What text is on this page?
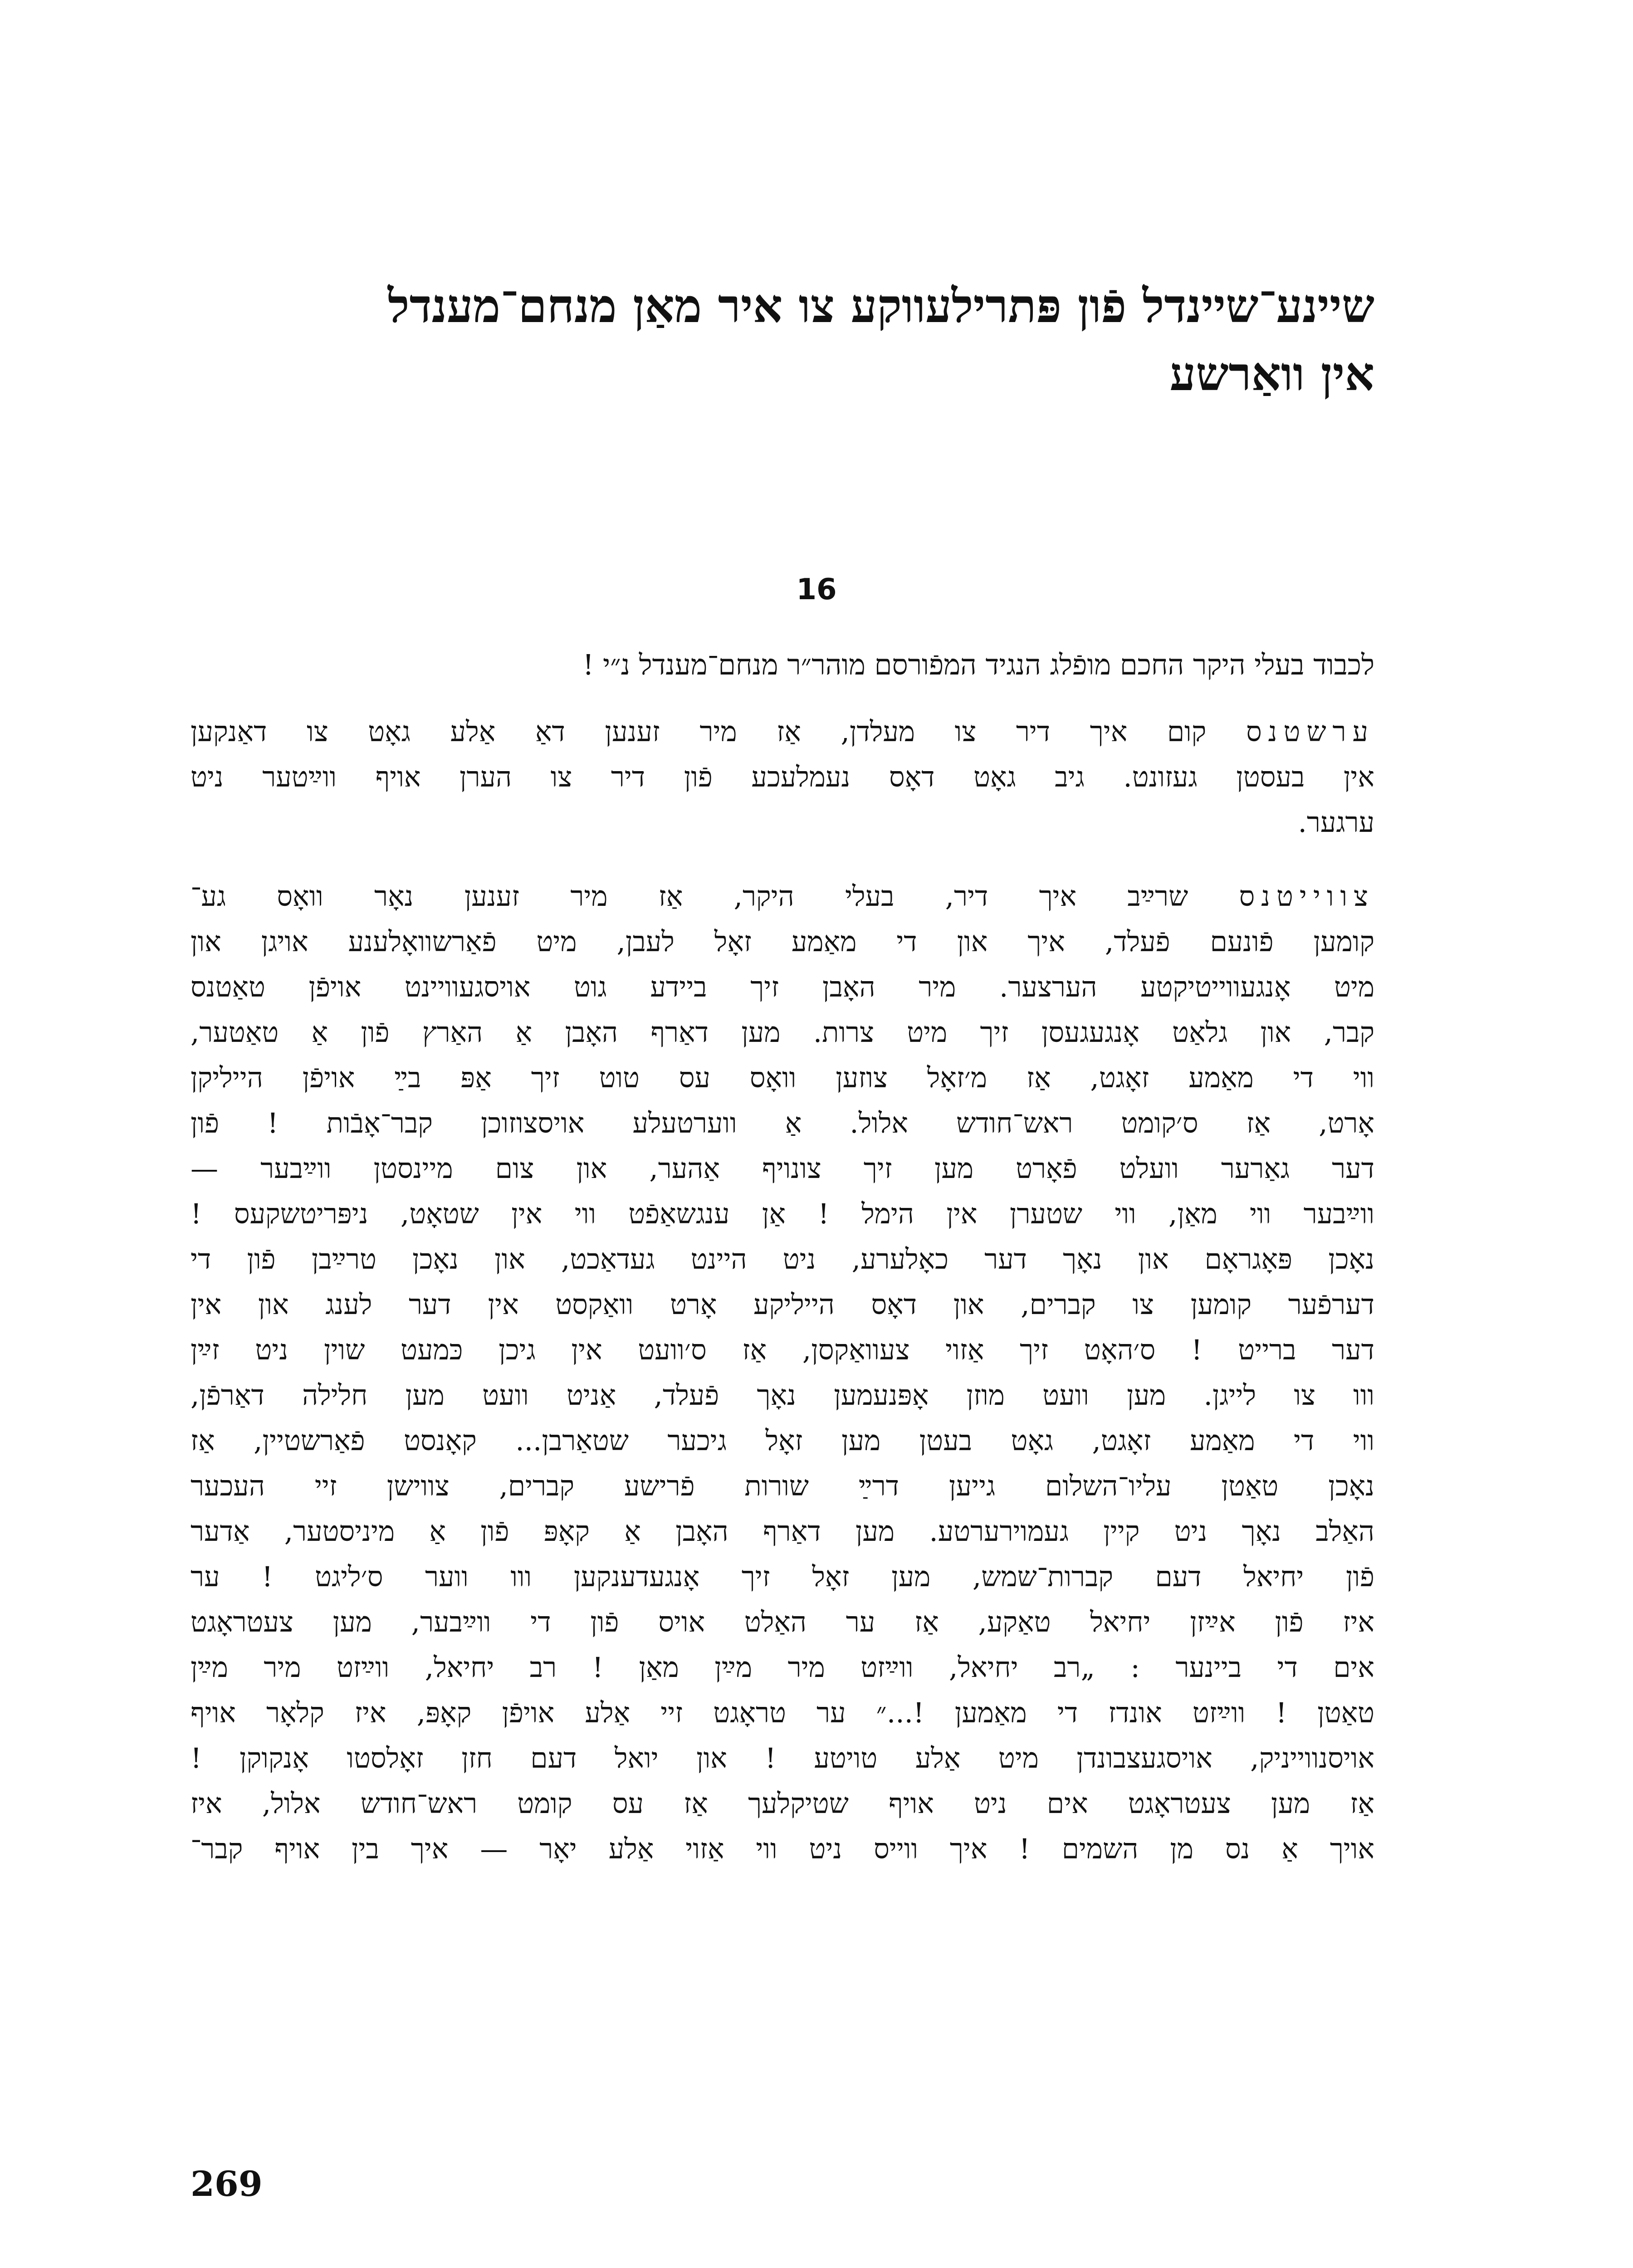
שיינע־שיינדל פֿון פּתרילעווקע צו איר מאַן מנחם־מענדל
אין וואַרשע
16
לכבוד בעלי היקר החכם מופֿלג הנגיד המפֿורסם מוהר״ר מנחם־מענדל נ״י !
ערשטנס קום איך דיר צו מעלדן, אַז מיר זענען דאַ אַלע גאָט צו דאַנקען
אין בעסטן געזונט. גיב גאָט דאָס נעמלעכע פֿון דיר צו הערן אויף ווײַטער ניט
ערגער.
צווייטנס שרײַב איך דיר, בעלי היקר, אַז מיר זענען נאָר וואָס גע־
קומען פֿונעם פֿעלד, איך און די מאַמע זאָל לעבן, מיט פֿאַרשוואָלענע אויגן און
מיט אָנגעווייטיקטע הערצער. מיר האָבן זיך ביידע גוט אויסגעוויינט אויפֿן טאַטנס
קבר, און גלאַט אָנגעגעסן זיך מיט צרות. מען דאַרף האָבן אַ האַרץ פֿון אַ טאַטער,
ווי די מאַמע זאָגט, אַז מ׳זאָל צוזען וואָס עס טוט זיך אַפּ בײַ אויפֿן הייליקן
אָרט, אַז ס׳קומט ראש־חודש אלול. אַ ווערטעלע אויסצוזוכן קבר־אָבֿות ! פֿון
דער גאַרער וועלט פֿאָרט מען זיך צונויף אַהער, און צום מיינסטן ווײַבער —
ווײַבער ווי מאַן, ווי שטערן אין הימל ! אַן ענגשאַפֿט ווי אין שטאָט, ניפּריטשקעס !
נאָכן פּאָגראָם און נאָך דער כאָלערע, ניט היינט געדאַכט, און נאָכן טרײַבן פֿון די
דערפֿער קומען צו קברים, און דאָס הייליקע אָרט וואַקסט אין דער לענג און אין
דער ברייט ! ס׳האָט זיך אַזוי צעוואַקסן, אַז ס׳וועט אין גיכן כּמעט שוין ניט זײַן
ווו צו לייגן. מען וועט מוזן אָפּנעמען נאָך פֿעלד, אַניט וועט מען חלילה דאַרפֿן,
ווי די מאַמע זאָגט, גאָט בעטן מען זאָל גיכער שטאַרבן... קאָנסט פֿאַרשטיין, אַז
נאָכן טאַטן עליו־השלום גייען דרײַ שורות פֿרישע קברים, צווישן זיי העכער
האַלב נאָך ניט קיין געמוירערטע. מען דאַרף האָבן אַ קאָפּ פֿון אַ מיניסטער, אַדער
פֿון יחיאל דעם קברות־שמש, מען זאָל זיך אָנגעדענקען ווו ווער ס׳ליגט ! ער
איז פֿון אײַזן יחיאל טאַקע, אַז ער האַלט אויס פֿון די ווײַבער, מען צעטראָגט
אים די ביינער : „רב יחיאל, ווײַזט מיר מײַן מאַן ! רב יחיאל, ווײַזט מיר מײַן
טאַטן ! ווײַזט אונדז די מאַמען !...״ ער טראָגט זיי אַלע אויפֿן קאָפּ, איז קלאָר אויף
אויסנווייניק, אויסגעצבונדן מיט אַלע טויטע ! און יואל דעם חזן זאָלסטו אָנקוקן !
אַז מען צעטראָגט אים ניט אויף שטיקלעך אַז עס קומט ראש־חודש אלול, איז
אויך אַ נס מן השמים ! איך ווייס ניט ווי אַזוי אַלע יאָר — איך בין אויף קבר־
269
